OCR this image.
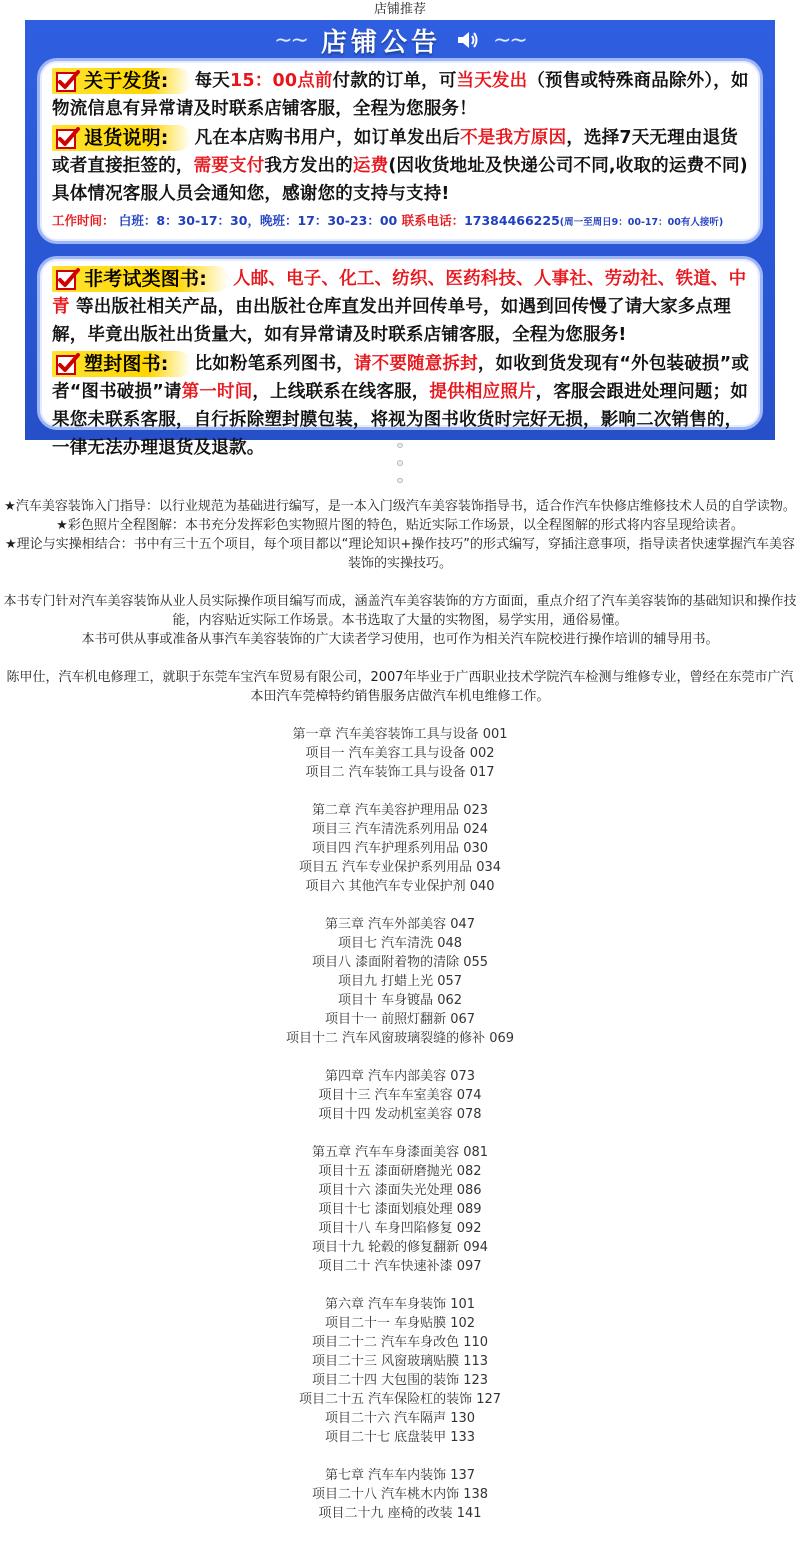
店铺推荐
∼∼ 店铺公告 ∼∼
关于发货: 每天15：00点前付款的订单，可当天发出（预售或特殊商品除外），如物流信息有异常请及时联系店铺客服，全程为您服务！
退货说明: 凡在本店购书用户，如订单发出后不是我方原因，选择7天无理由退货或者直接拒签的，需要支付我方发出的运费(因收货地址及快递公司不同,收取的运费不同)具体情况客服人员会通知您，感谢您的支持与支持!
工作时间： 白班：8：30-17：30，晚班：17：30-23：00 联系电话：17384466225(周一至周日9：00-17：00有人接听)
非考试类图书: 人邮、电子、化工、纺织、医药科技、人事社、劳动社、铁道、中青 等出版社相关产品，由出版社仓库直发出并回传单号，如遇到回传慢了请大家多点理解，毕竟出版社出货量大，如有异常请及时联系店铺客服，全程为您服务!
塑封图书: 比如粉笔系列图书，请不要随意拆封，如收到货发现有“外包装破损”或者“图书破损”请第一时间，上线联系在线客服，提供相应照片，客服会跟进处理问题；如果您未联系客服，自行拆除塑封膜包装，将视为图书收货时完好无损，影响二次销售的，一律无法办理退货及退款。

★汽车美容装饰入门指导：以行业规范为基础进行编写，是一本入门级汽车美容装饰指导书，适合作汽车快修店维修技术人员的自学读物。

★彩色照片全程图解：本书充分发挥彩色实物照片图的特色，贴近实际工作场景，以全程图解的形式将内容呈现给读者。

★理论与实操相结合：书中有三十五个项目，每个项目都以“理论知识+操作技巧”的形式编写，穿插注意事项，指导读者快速掌握汽车美容装饰的实操技巧。

本书专门针对汽车美容装饰从业人员实际操作项目编写而成，涵盖汽车美容装饰的方方面面，重点介绍了汽车美容装饰的基础知识和操作技能，内容贴近实际工作场景。本书选取了大量的实物图，易学实用，通俗易懂。

本书可供从事或准备从事汽车美容装饰的广大读者学习使用，也可作为相关汽车院校进行操作培训的辅导用书。

陈甲仕，汽车机电修理工，就职于东莞车宝汽车贸易有限公司，2007年毕业于广西职业技术学院汽车检测与维修专业，曾经在东莞市广汽本田汽车莞樟特约销售服务店做汽车机电维修工作。

第一章 汽车美容装饰工具与设备 001
项目一 汽车美容工具与设备 002
项目二 汽车装饰工具与设备 017
第二章 汽车美容护理用品 023
项目三 汽车清洗系列用品 024
项目四 汽车护理系列用品 030
项目五 汽车专业保护系列用品 034
项目六 其他汽车专业保护剂 040
第三章 汽车外部美容 047
项目七 汽车清洗 048
项目八 漆面附着物的清除 055
项目九 打蜡上光 057
项目十 车身镀晶 062
项目十一 前照灯翻新 067
项目十二 汽车风窗玻璃裂缝的修补 069
第四章 汽车内部美容 073
项目十三 汽车车室美容 074
项目十四 发动机室美容 078
第五章 汽车车身漆面美容 081
项目十五 漆面研磨抛光 082
项目十六 漆面失光处理 086
项目十七 漆面划痕处理 089
项目十八 车身凹陷修复 092
项目十九 轮毂的修复翻新 094
项目二十 汽车快速补漆 097
第六章 汽车车身装饰 101
项目二十一 车身贴膜 102
项目二十二 汽车车身改色 110
项目二十三 风窗玻璃贴膜 113
项目二十四 大包围的装饰 123
项目二十五 汽车保险杠的装饰 127
项目二十六 汽车隔声 130
项目二十七 底盘装甲 133
第七章 汽车车内装饰 137
项目二十八 汽车桃木内饰 138
项目二十九 座椅的改装 141
